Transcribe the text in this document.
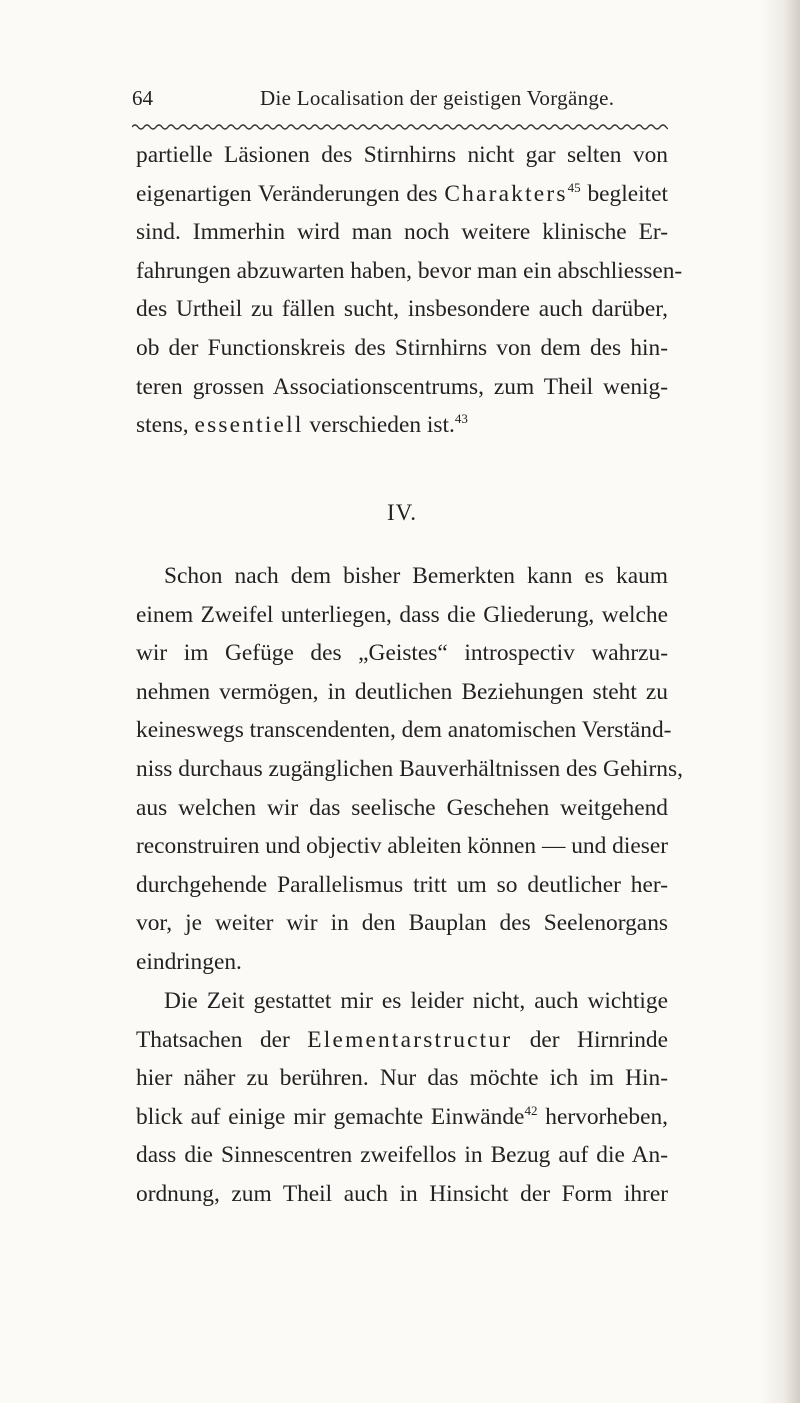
64	Die Localisation der geistigen Vorgänge.
partielle Läsionen des Stirnhirns nicht gar selten von
eigenartigen Veränderungen des Charakters$^{45}$ begleitet
sind. Immerhin wird man noch weitere klinische Er-
fahrungen abzuwarten haben, bevor man ein abschliessen-
des Urtheil zu fällen sucht, insbesondere auch darüber,
ob der Functionskreis des Stirnhirns von dem des hin-
teren grossen Associationscentrums, zum Theil wenig-
stens, essentiell verschieden ist.$^{43}$
IV.
Schon nach dem bisher Bemerkten kann es kaum
einem Zweifel unterliegen, dass die Gliederung, welche
wir im Gefüge des „Geistes“ introspectiv wahrzu-
nehmen vermögen, in deutlichen Beziehungen steht zu
keineswegs transcendenten, dem anatomischen Verständ-
niss durchaus zugänglichen Bauverhältnissen des Gehirns,
aus welchen wir das seelische Geschehen weitgehend
reconstruiren und objectiv ableiten können — und dieser
durchgehende Parallelismus tritt um so deutlicher her-
vor, je weiter wir in den Bauplan des Seelenorgans
eindringen.
Die Zeit gestattet mir es leider nicht, auch wichtige
Thatsachen der Elementarstructur der Hirnrinde
hier näher zu berühren. Nur das möchte ich im Hin-
blick auf einige mir gemachte Einwände$^{42}$ hervorheben,
dass die Sinnescentren zweifellos in Bezug auf die An-
ordnung, zum Theil auch in Hinsicht der Form ihrer
